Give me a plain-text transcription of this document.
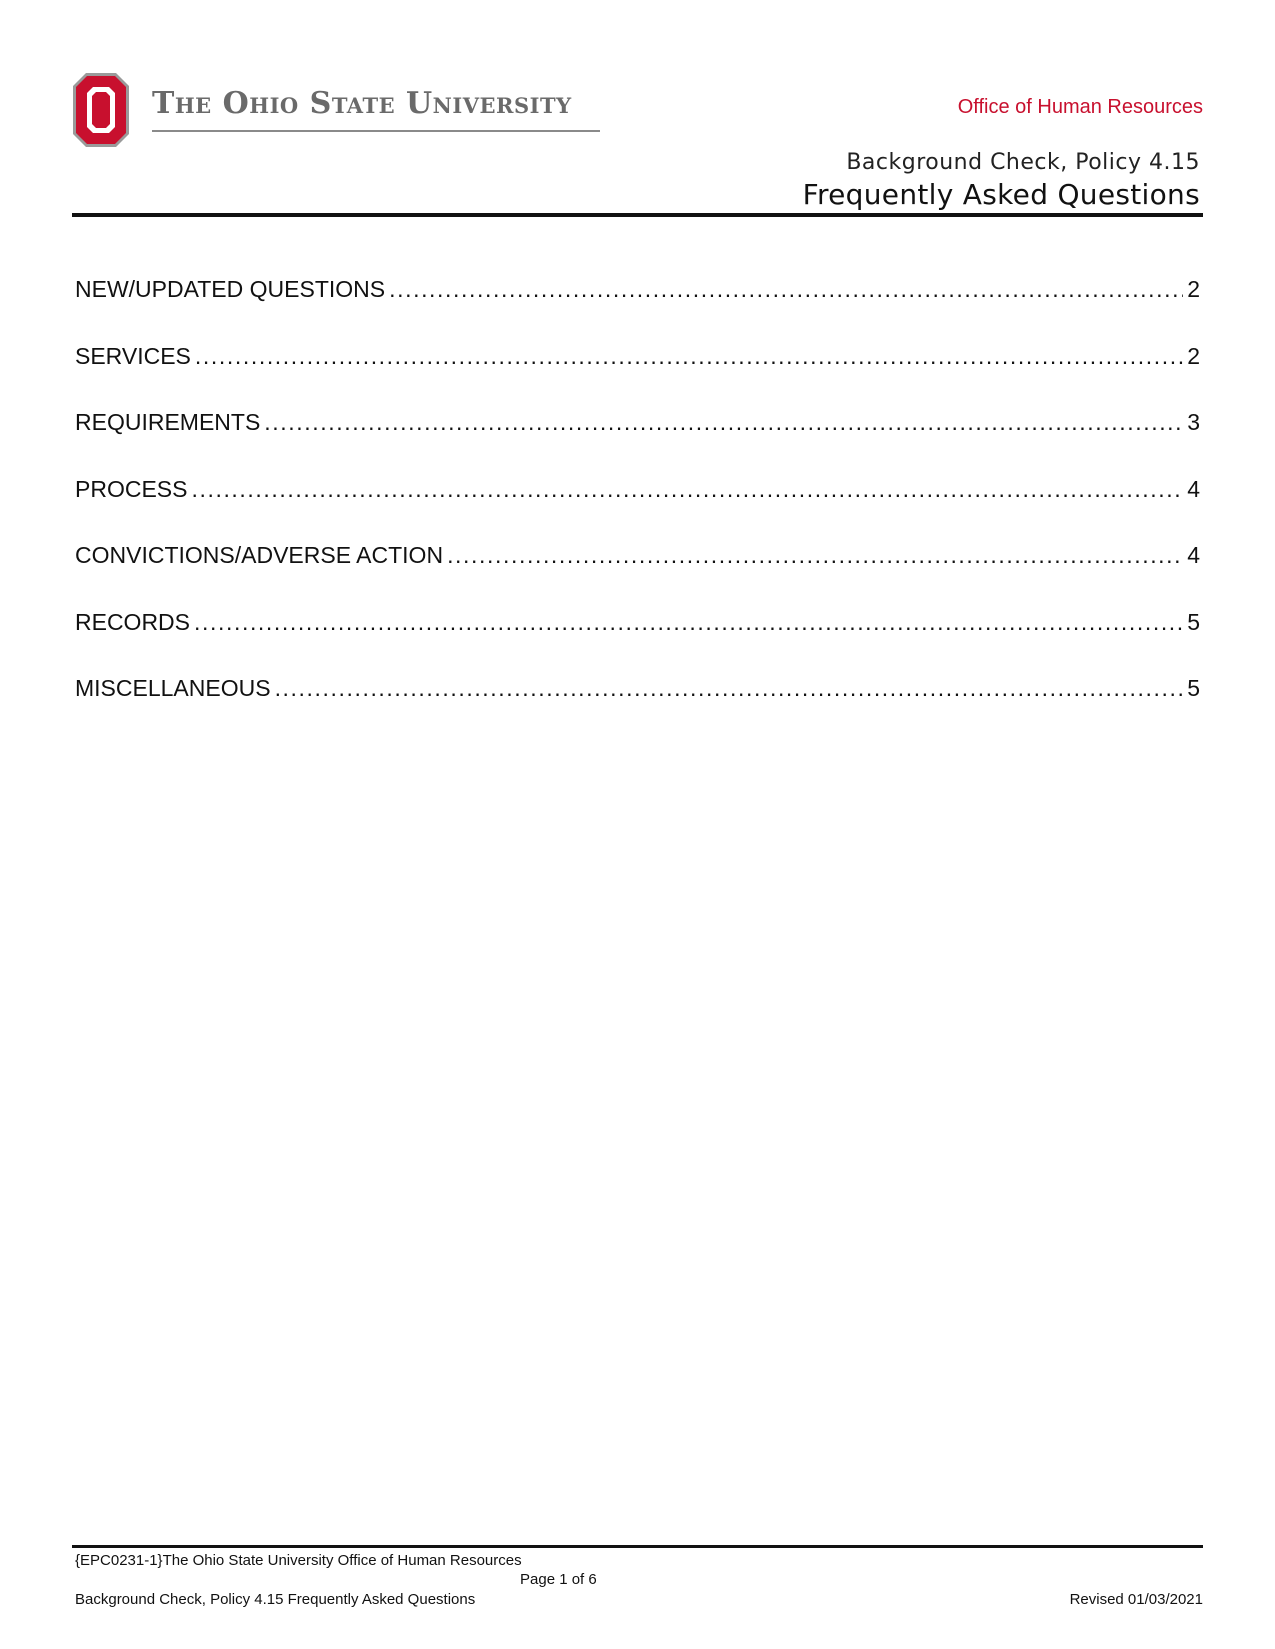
The Ohio State University	Office of Human Resources
Background Check, Policy 4.15
Frequently Asked Questions
NEW/UPDATED QUESTIONS .....	2
SERVICES .....	2
REQUIREMENTS .....	3
PROCESS .....	4
CONVICTIONS/ADVERSE ACTION .....	4
RECORDS .....	5
MISCELLANEOUS .....	5
{EPC0231-1}The Ohio State University Office of Human Resources
Page 1 of 6
Background Check, Policy 4.15 Frequently Asked Questions	Revised 01/03/2021
